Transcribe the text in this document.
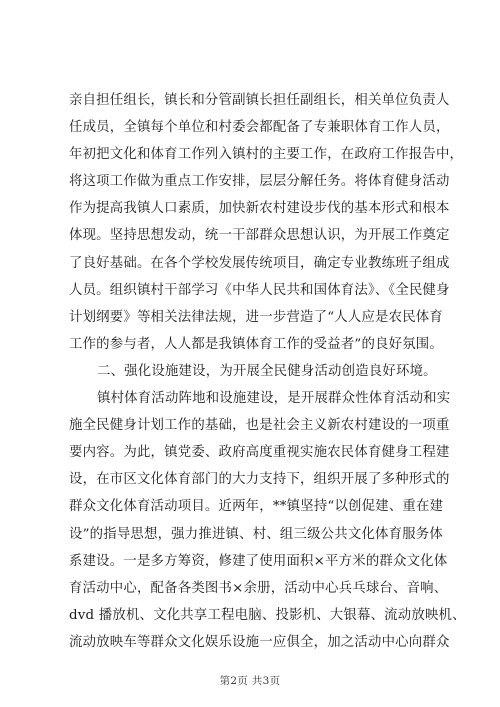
亲自担任组长，镇长和分管副镇长担任副组长，相关单位负责人
任成员，全镇每个单位和村委会都配备了专兼职体育工作人员，
年初把文化和体育工作列入镇村的主要工作，在政府工作报告中，
将这项工作做为重点工作安排，层层分解任务。将体育健身活动
作为提高我镇人口素质，加快新农村建设步伐的基本形式和根本
体现。坚持思想发动，统一干部群众思想认识，为开展工作奠定
了良好基础。在各个学校发展传统项目，确定专业教练班子组成
人员。组织镇村干部学习《中华人民共和国体育法》、《全民健身
计划纲要》等相关法律法规，进一步营造了“人人应是农民体育
工作的参与者，人人都是我镇体育工作的受益者”的良好氛围。
二、强化设施建设，为开展全民健身活动创造良好环境。
镇村体育活动阵地和设施建设，是开展群众性体育活动和实
施全民健身计划工作的基础，也是社会主义新农村建设的一项重
要内容。为此，镇党委、政府高度重视实施农民体育健身工程建
设，在市区文化体育部门的大力支持下，组织开展了多种形式的
群众文化体育活动项目。近两年，**镇坚持“以创促建、重在建
设”的指导思想，强力推进镇、村、组三级公共文化体育服务体
系建设。一是多方筹资，修建了使用面积×平方米的群众文化体
育活动中心，配备各类图书×余册，活动中心兵乓球台、音响、
dvd 播放机、文化共享工程电脑、投影机、大银幕、流动放映机、
流动放映车等群众文化娱乐设施一应俱全，加之活动中心向群众
第2页 共3页
